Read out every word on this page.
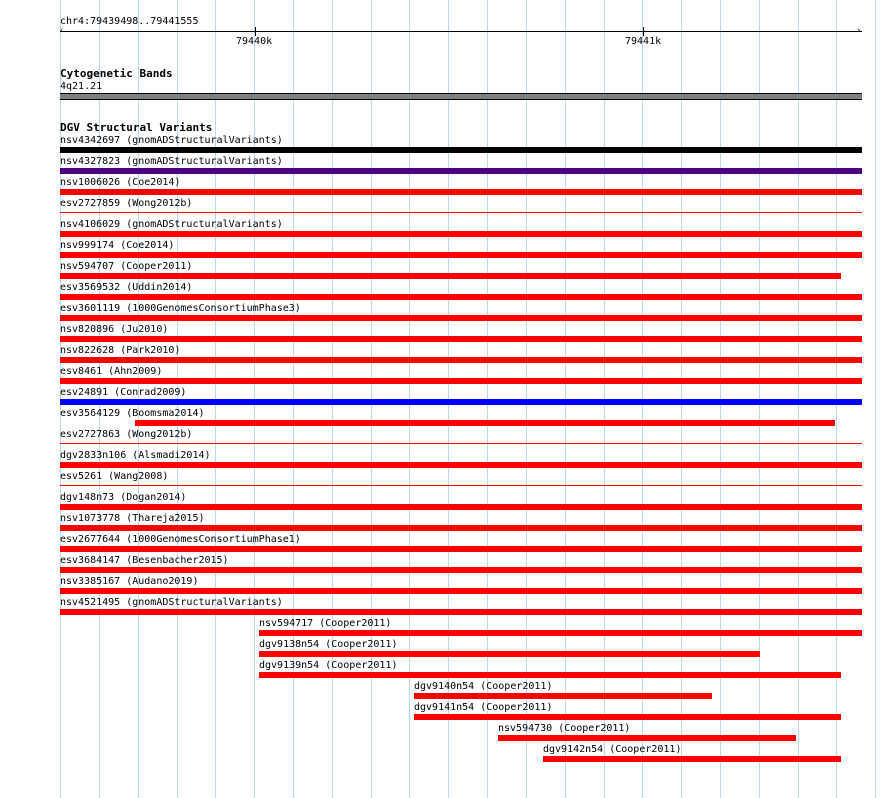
chr4:79439498..79441555
‹	›
79440k	79441k
Cytogenetic Bands
4q21.21
DGV Structural Variants
nsv4342697 (gnomADStructuralVariants)
nsv4327823 (gnomADStructuralVariants)
nsv1006026 (Coe2014)
esv2727859 (Wong2012b)
nsv4106029 (gnomADStructuralVariants)
nsv999174 (Coe2014)
nsv594707 (Cooper2011)
esv3569532 (Uddin2014)
esv3601119 (1000GenomesConsortiumPhase3)
nsv820896 (Ju2010)
nsv822628 (Park2010)
esv8461 (Ahn2009)
esv24891 (Conrad2009)
esv3564129 (Boomsma2014)
esv2727863 (Wong2012b)
dgv2833n106 (Alsmadi2014)
esv5261 (Wang2008)
dgv148n73 (Dogan2014)
nsv1073778 (Thareja2015)
esv2677644 (1000GenomesConsortiumPhase1)
esv3684147 (Besenbacher2015)
nsv3385167 (Audano2019)
nsv4521495 (gnomADStructuralVariants)
nsv594717 (Cooper2011)
dgv9138n54 (Cooper2011)
dgv9139n54 (Cooper2011)
dgv9140n54 (Cooper2011)
dgv9141n54 (Cooper2011)
nsv594730 (Cooper2011)
dgv9142n54 (Cooper2011)
